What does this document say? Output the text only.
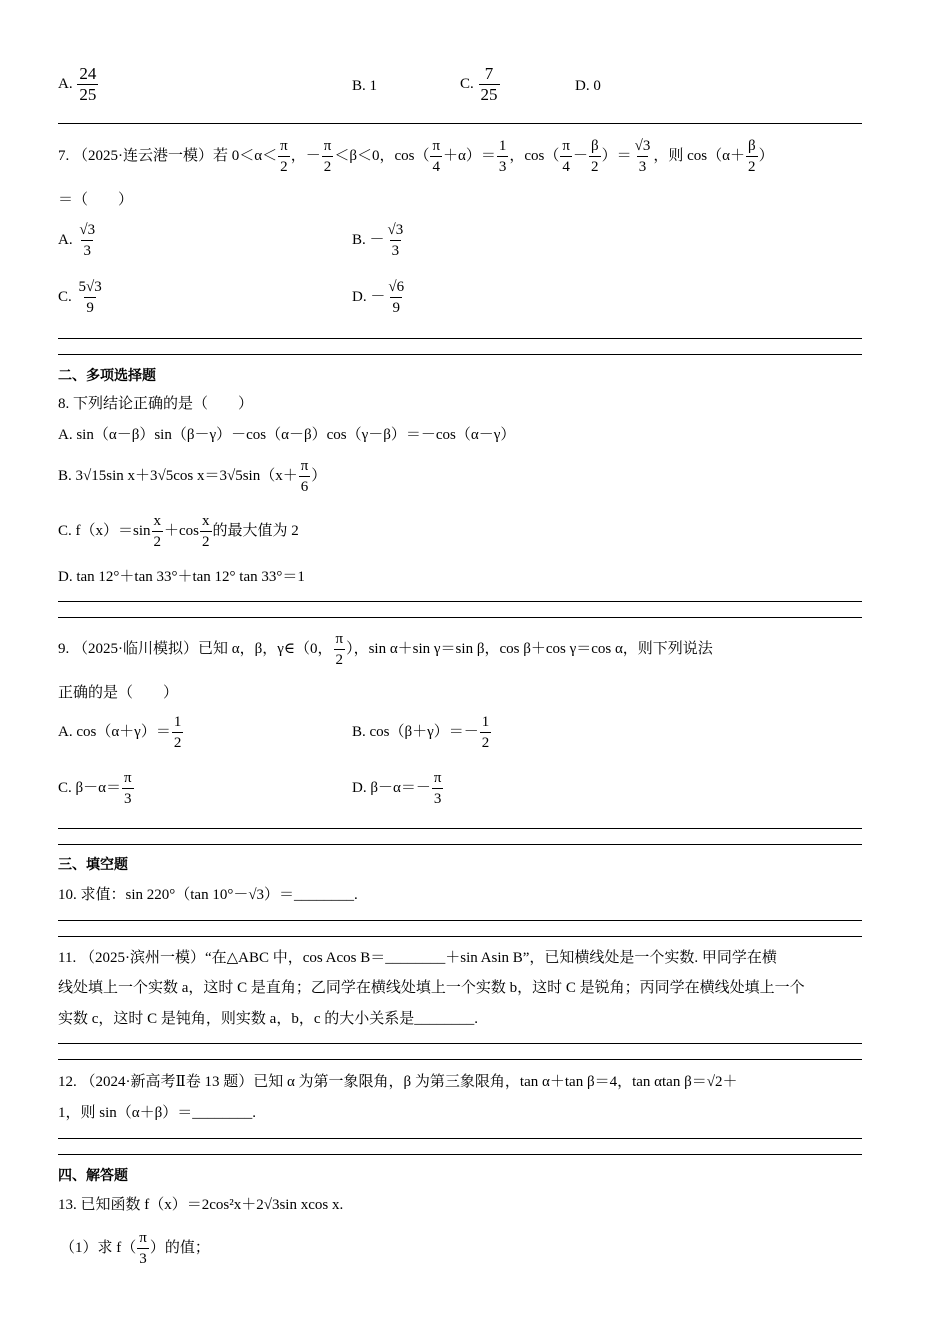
A. $\frac{24}{25}$	B. 1	C. $\frac{7}{25}$	D. 0
7. （2025·连云港一模）若 $0<\alpha< \frac{\pi}{2}$ ，－ $\frac{\pi}{2} <\beta<0$，$\cos( \frac{\pi}{4} +\alpha)= \frac{1}{3}$ ，$\cos( \frac{\pi}{4} - \frac{\beta}{2}$ ）＝ $\frac{√3}{3}$ ，则 $\cos(\alpha+ \frac{\beta}{2}$ ）
＝（　　）
A. $\frac{√3}{3}$	B. － $\frac{√3}{3}$
C. $\frac{5√3}{9}$	D. － $\frac{√6}{9}$
二、多项选择题
8. 下列结论正确的是（　　）
A. sin（α－β）sin（β－γ）－cos（α－β）cos（γ－β）＝－cos（α－γ）
B. 3√15sin x＋3√5cos $x=3√5\sin(x+ \frac{\pi}{6}$ ）
C. $f(x)=\sin \frac{x}{2} +\cos \frac{x}{2}$ 的最大值为 2
D. tan 12°＋tan 33°＋tan 12° tan 33°＝1
9. （2025·临川模拟）已知 α，β，γ∈（0， $\frac{\pi}{2}$ ），sin α＋sin γ＝sin β，cos β＋cos γ＝cos α，则下列说法
正确的是（　　）
A. $\cos(\alpha+\gamma)= \frac{1}{2}$	B. $\cos(\beta+\gamma)=- \frac{1}{2}$
C. $\beta-\alpha= \frac{\pi}{3}$	D. $\beta-\alpha=- \frac{\pi}{3}$
三、填空题
10. 求值：sin 220°（tan 10°－√3）＝________.
11. （2025·滨州一模）“在△ABC 中，cos Acos B＝________＋sin Asin B”，已知横线处是一个实数. 甲同学在横
线处填上一个实数 a，这时 C 是直角；乙同学在横线处填上一个实数 b，这时 C 是锐角；丙同学在横线处填上一个
实数 c，这时 C 是钝角，则实数 a，b，c 的大小关系是________.
12. （2024·新高考Ⅱ卷 13 题）已知 α 为第一象限角，β 为第三象限角，tan α＋tan β＝4，tan αtan β＝√2＋
1，则 sin（α＋β）＝________.
四、解答题
13. 已知函数 f（x）＝2cos²x＋2√3sin xcos x.
（1）求 $f( \frac{\pi}{3}$ ）的值；
